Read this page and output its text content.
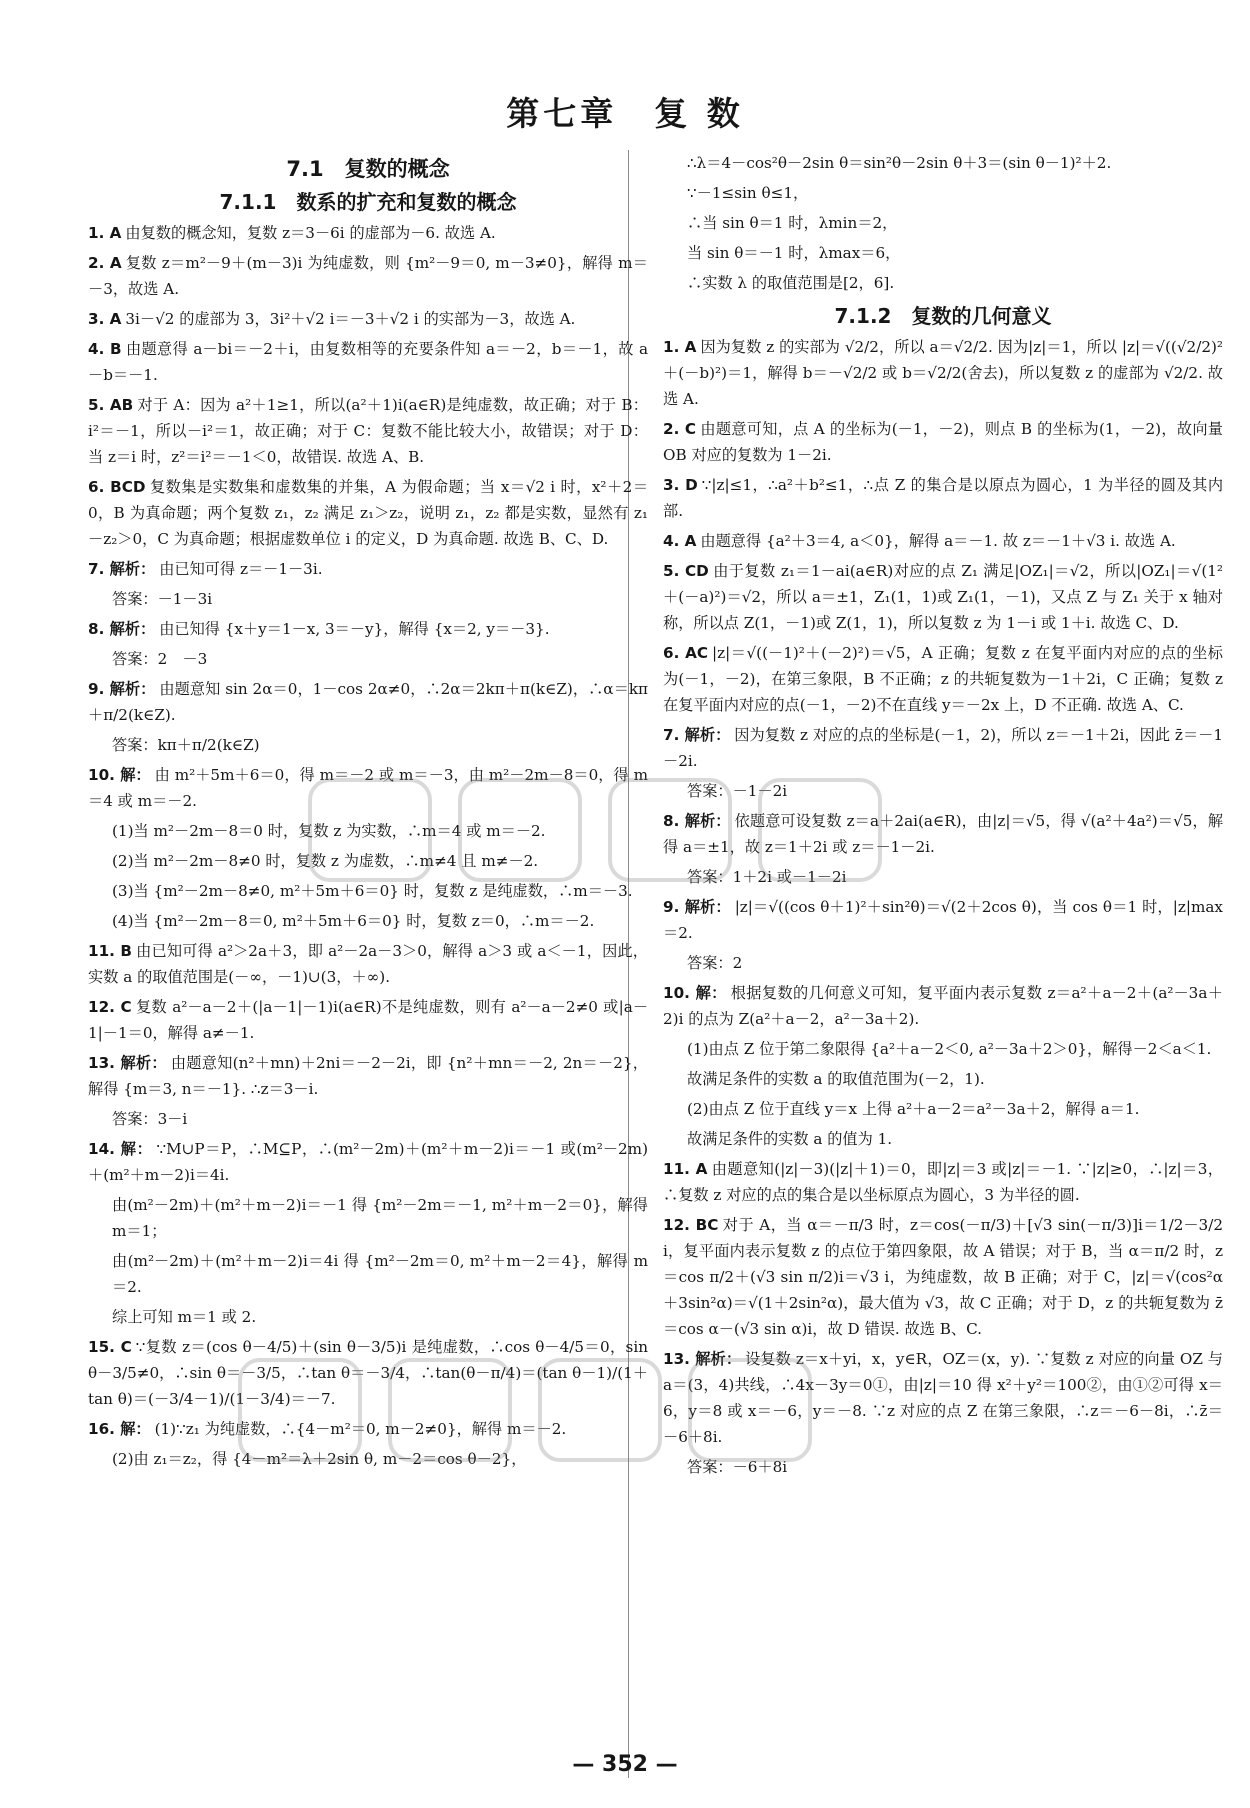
第七章　复 数
7.1　复数的概念
7.1.1　数系的扩充和复数的概念
1. A 由复数的概念知，复数 z＝3－6i 的虚部为－6. 故选 A.
2. A 复数 z＝m²－9＋(m－3)i 为纯虚数，则 {m²－9＝0, m－3≠0}，解得 m＝－3，故选 A.
3. A 3i－√2 的虚部为 3，3i²＋√2 i＝－3＋√2 i 的实部为－3，故选 A.
4. B 由题意得 a－bi＝－2＋i，由复数相等的充要条件知 a＝－2，b＝－1，故 a－b＝－1.
5. AB 对于 A：因为 a²＋1≥1，所以(a²＋1)i(a∈R)是纯虚数，故正确；对于 B：i²＝－1，所以－i²＝1，故正确；对于 C：复数不能比较大小，故错误；对于 D：当 z＝i 时，z²＝i²＝－1＜0，故错误. 故选 A、B.
6. BCD 复数集是实数集和虚数集的并集，A 为假命题；当 x＝√2 i 时，x²＋2＝0，B 为真命题；两个复数 z₁，z₂ 满足 z₁＞z₂，说明 z₁，z₂ 都是实数，显然有 z₁－z₂＞0，C 为真命题；根据虚数单位 i 的定义，D 为真命题. 故选 B、C、D.
7. 解析： 由已知可得 z＝－1－3i.
答案：－1－3i
8. 解析： 由已知得 {x＋y＝1－x, 3＝－y}，解得 {x＝2, y＝－3}.
答案：2　－3
9. 解析： 由题意知 sin 2α＝0，1－cos 2α≠0，∴2α＝2kπ＋π(k∈Z)，∴α＝kπ＋π/2(k∈Z).
答案：kπ＋π/2(k∈Z)
10. 解： 由 m²＋5m＋6＝0，得 m＝－2 或 m＝－3，由 m²－2m－8＝0，得 m＝4 或 m＝－2.
(1)当 m²－2m－8＝0 时，复数 z 为实数，∴m＝4 或 m＝－2.
(2)当 m²－2m－8≠0 时，复数 z 为虚数，∴m≠4 且 m≠－2.
(3)当 {m²－2m－8≠0, m²＋5m＋6＝0} 时，复数 z 是纯虚数，∴m＝－3.
(4)当 {m²－2m－8＝0, m²＋5m＋6＝0} 时，复数 z＝0，∴m＝－2.
11. B 由已知可得 a²＞2a＋3，即 a²－2a－3＞0，解得 a＞3 或 a＜－1，因此，实数 a 的取值范围是(－∞，－1)∪(3，＋∞).
12. C 复数 a²－a－2＋(|a－1|－1)i(a∈R)不是纯虚数，则有 a²－a－2≠0 或|a－1|－1＝0，解得 a≠－1.
13. 解析： 由题意知(n²＋mn)＋2ni＝－2－2i，即 {n²＋mn＝－2, 2n＝－2}，解得 {m＝3, n＝－1}. ∴z＝3－i.
答案：3－i
14. 解： ∵M∪P＝P，∴M⊆P，∴(m²－2m)＋(m²＋m－2)i＝－1 或(m²－2m)＋(m²＋m－2)i＝4i.
由(m²－2m)＋(m²＋m－2)i＝－1 得 {m²－2m＝－1, m²＋m－2＝0}，解得 m＝1；
由(m²－2m)＋(m²＋m－2)i＝4i 得 {m²－2m＝0, m²＋m－2＝4}，解得 m＝2.
综上可知 m＝1 或 2.
15. C ∵复数 z＝(cos θ－4/5)＋(sin θ－3/5)i 是纯虚数，∴cos θ－4/5＝0，sin θ－3/5≠0，∴sin θ＝－3/5，∴tan θ＝－3/4，∴tan(θ－π/4)＝(tan θ－1)/(1＋tan θ)＝(－3/4－1)/(1－3/4)＝－7.
16. 解： (1)∵z₁ 为纯虚数，∴{4－m²＝0, m－2≠0}，解得 m＝－2.
(2)由 z₁＝z₂，得 {4－m²＝λ＋2sin θ, m－2＝cos θ－2}，
∴λ＝4－cos²θ－2sin θ＝sin²θ－2sin θ＋3＝(sin θ－1)²＋2.
∵－1≤sin θ≤1，
∴当 sin θ＝1 时，λmin＝2，
当 sin θ＝－1 时，λmax＝6，
∴实数 λ 的取值范围是[2，6].
7.1.2　复数的几何意义
1. A 因为复数 z 的实部为 √2/2，所以 a＝√2/2. 因为|z|＝1，所以 |z|＝√((√2/2)²＋(－b)²)＝1，解得 b＝－√2/2 或 b＝√2/2(舍去)，所以复数 z 的虚部为 √2/2. 故选 A.
2. C 由题意可知，点 A 的坐标为(－1，－2)，则点 B 的坐标为(1，－2)，故向量 OB 对应的复数为 1－2i.
3. D ∵|z|≤1，∴a²＋b²≤1，∴点 Z 的集合是以原点为圆心，1 为半径的圆及其内部.
4. A 由题意得 {a²＋3＝4, a＜0}，解得 a＝－1. 故 z＝－1＋√3 i. 故选 A.
5. CD 由于复数 z₁＝1－ai(a∈R)对应的点 Z₁ 满足|OZ₁|＝√2，所以|OZ₁|＝√(1²＋(－a)²)＝√2，所以 a＝±1，Z₁(1，1)或 Z₁(1，－1)，又点 Z 与 Z₁ 关于 x 轴对称，所以点 Z(1，－1)或 Z(1，1)，所以复数 z 为 1－i 或 1＋i. 故选 C、D.
6. AC |z|＝√((－1)²＋(－2)²)＝√5，A 正确；复数 z 在复平面内对应的点的坐标为(－1，－2)，在第三象限，B 不正确；z 的共轭复数为－1＋2i，C 正确；复数 z 在复平面内对应的点(－1，－2)不在直线 y＝－2x 上，D 不正确. 故选 A、C.
7. 解析： 因为复数 z 对应的点的坐标是(－1，2)，所以 z＝－1＋2i，因此 z̄＝－1－2i.
答案：－1－2i
8. 解析： 依题意可设复数 z＝a＋2ai(a∈R)，由|z|＝√5，得 √(a²＋4a²)＝√5，解得 a＝±1，故 z＝1＋2i 或 z＝－1－2i.
答案：1＋2i 或－1－2i
9. 解析： |z|＝√((cos θ＋1)²＋sin²θ)＝√(2＋2cos θ)，当 cos θ＝1 时，|z|max＝2.
答案：2
10. 解： 根据复数的几何意义可知，复平面内表示复数 z＝a²＋a－2＋(a²－3a＋2)i 的点为 Z(a²＋a－2，a²－3a＋2).
(1)由点 Z 位于第二象限得 {a²＋a－2＜0, a²－3a＋2＞0}，解得－2＜a＜1.
故满足条件的实数 a 的取值范围为(－2，1).
(2)由点 Z 位于直线 y＝x 上得 a²＋a－2＝a²－3a＋2，解得 a＝1.
故满足条件的实数 a 的值为 1.
11. A 由题意知(|z|－3)(|z|＋1)＝0，即|z|＝3 或|z|＝－1. ∵|z|≥0，∴|z|＝3，∴复数 z 对应的点的集合是以坐标原点为圆心，3 为半径的圆.
12. BC 对于 A，当 α＝－π/3 时，z＝cos(－π/3)＋[√3 sin(－π/3)]i＝1/2－3/2 i，复平面内表示复数 z 的点位于第四象限，故 A 错误；对于 B，当 α＝π/2 时，z＝cos π/2＋(√3 sin π/2)i＝√3 i，为纯虚数，故 B 正确；对于 C，|z|＝√(cos²α＋3sin²α)＝√(1＋2sin²α)，最大值为 √3，故 C 正确；对于 D，z 的共轭复数为 z̄＝cos α－(√3 sin α)i，故 D 错误. 故选 B、C.
13. 解析： 设复数 z＝x＋yi，x，y∈R，OZ＝(x，y). ∵复数 z 对应的向量 OZ 与 a＝(3，4)共线，∴4x－3y＝0①，由|z|＝10 得 x²＋y²＝100②，由①②可得 x＝6，y＝8 或 x＝－6，y＝－8. ∵z 对应的点 Z 在第三象限，∴z＝－6－8i，∴z̄＝－6＋8i.
答案：－6＋8i
— 352 —
